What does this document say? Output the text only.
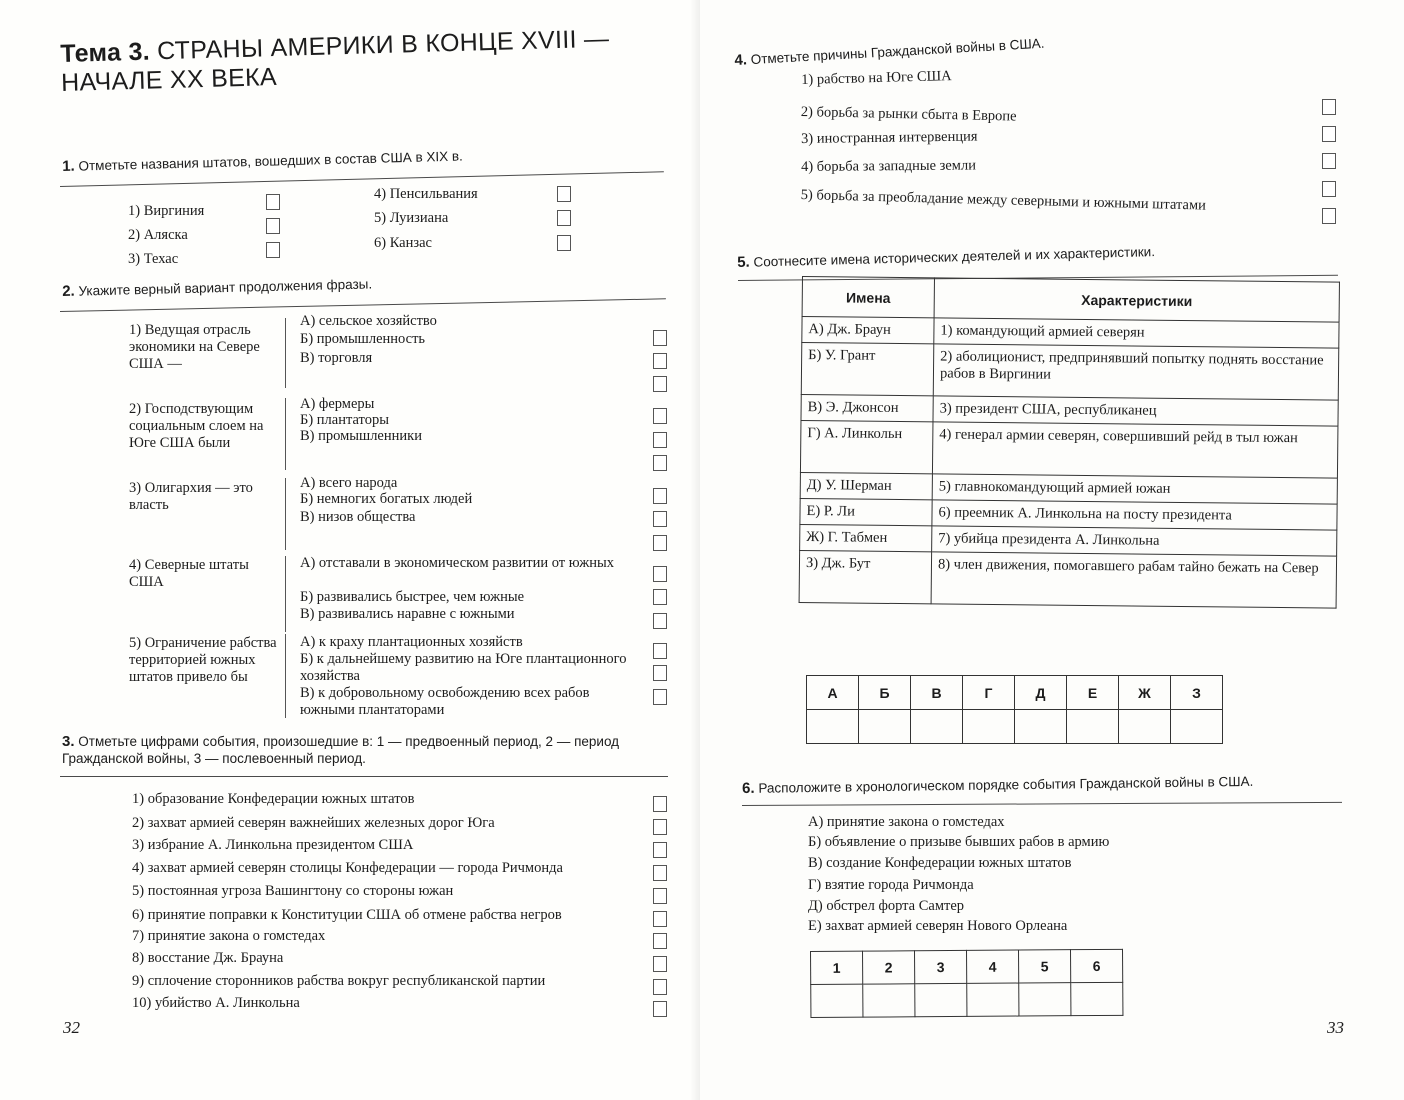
Тема 3. СТРАНЫ АМЕРИКИ В КОНЦЕ XVIII — НАЧАЛЕ XX ВЕКА
1. Отметьте названия штатов, вошедших в состав США в XIX в.
1) Виргиния
2) Аляска
3) Техас
4) Пенсильвания
5) Луизиана
6) Канзас
2. Укажите верный вариант продолжения фразы.
1) Ведущая отрасль экономики на Севере США —
А) сельское хозяйство
Б) промышленность
В) торговля
2) Господствующим социальным слоем на Юге США были
А) фермеры
Б) плантаторы
В) промышленники
3) Олигархия — это власть
А) всего народа
Б) немногих богатых людей
В) низов общества
4) Северные штаты США
А) отставали в экономическом развитии от южных
Б) развивались быстрее, чем южные
В) развивались наравне с южными
5) Ограничение рабства территорией южных штатов привело бы
А) к краху плантационных хозяйств
Б) к дальнейшему развитию на Юге плантационного хозяйства
В) к добровольному освобождению всех рабов южными плантаторами
3. Отметьте цифрами события, произошедшие в: 1 — предвоенный период, 2 — период Гражданской войны, 3 — послевоенный период.
1) образование Конфедерации южных штатов
2) захват армией северян важнейших железных дорог Юга
3) избрание А. Линкольна президентом США
4) захват армией северян столицы Конфедерации — города Ричмонда
5) постоянная угроза Вашингтону со стороны южан
6) принятие поправки к Конституции США об отмене рабства негров
7) принятие закона о гомстедах
8) восстание Дж. Брауна
9) сплочение сторонников рабства вокруг республиканской партии
10) убийство А. Линкольна
32
4. Отметьте причины Гражданской войны в США.
1) рабство на Юге США
2) борьба за рынки сбыта в Европе
3) иностранная интервенция
4) борьба за западные земли
5) борьба за преобладание между северными и южными штатами
5. Соотнесите имена исторических деятелей и их характеристики.
Имена	Характеристики
А) Дж. Браун	1) командующий армией северян
Б) У. Грант	2) аболиционист, предпринявший попытку поднять восстание рабов в Виргинии
В) Э. Джонсон	3) президент США, республиканец
Г) А. Линкольн	4) генерал армии северян, совершивший рейд в тыл южан
Д) У. Шерман	5) главнокомандующий армией южан
Е) Р. Ли	6) преемник А. Линкольна на посту президента
Ж) Г. Табмен	7) убийца президента А. Линкольна
З) Дж. Бут	8) член движения, помогавшего рабам тайно бежать на Север
А	Б	В	Г	Д	Е	Ж	З

6. Расположите в хронологическом порядке события Гражданской войны в США.
А) принятие закона о гомстедах
Б) объявление о призыве бывших рабов в армию
В) создание Конфедерации южных штатов
Г) взятие города Ричмонда
Д) обстрел форта Самтер
Е) захват армией северян Нового Орлеана
1	2	3	4	5	6

33
